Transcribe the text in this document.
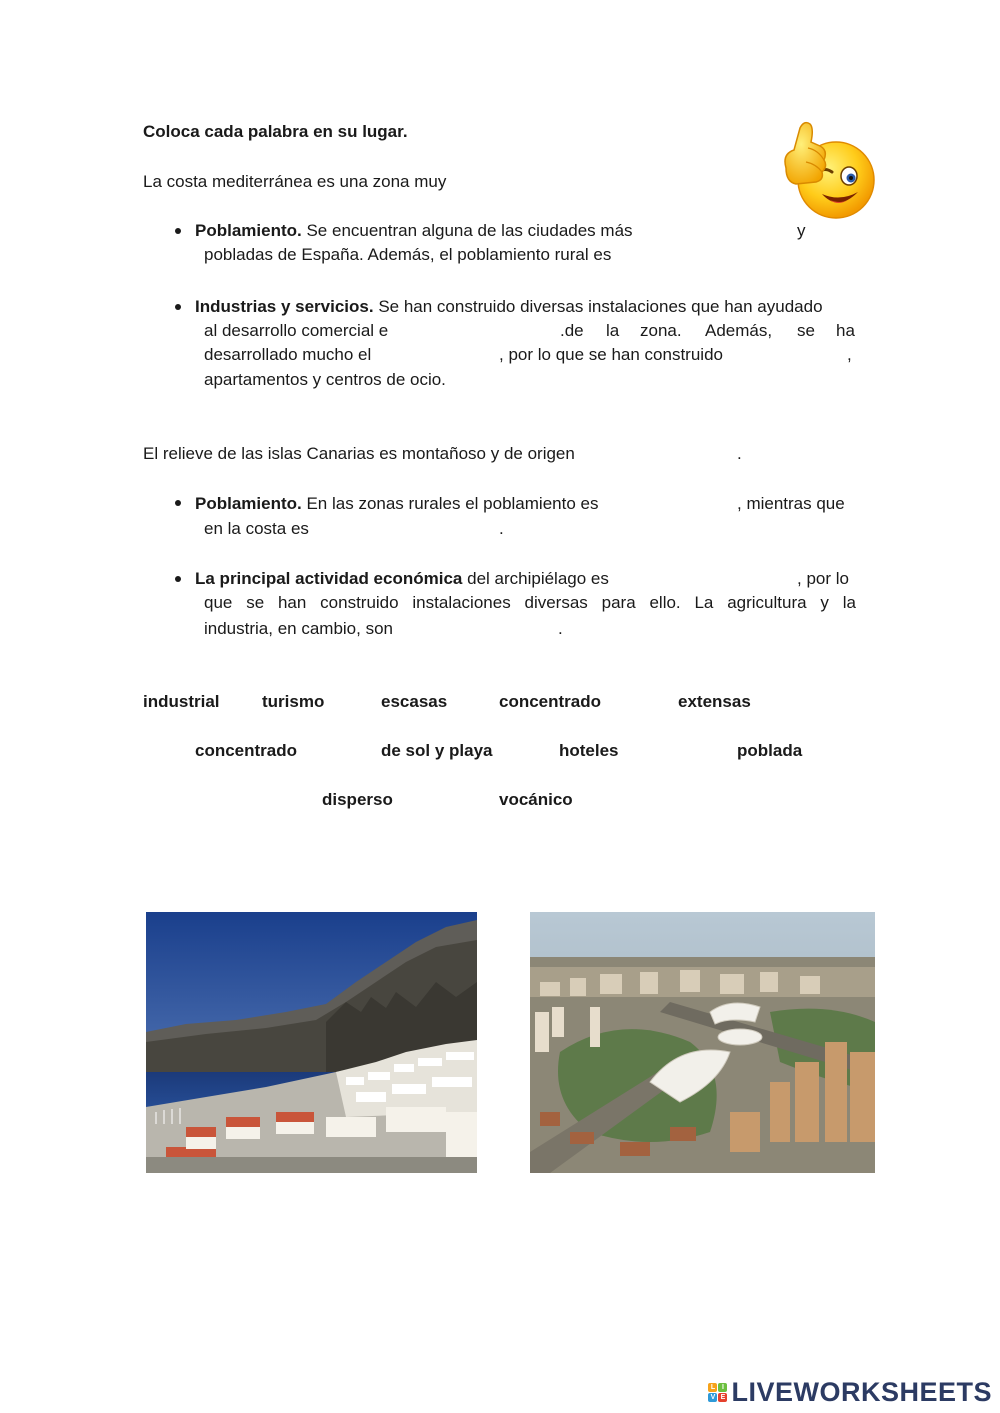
Coloca cada palabra en su lugar.
La costa mediterránea es una zona muy
Poblamiento. Se encuentran alguna de las ciudades más	y
pobladas de España. Además, el poblamiento rural es
Industrias y servicios. Se han construido diversas instalaciones que han ayudado
al desarrollo comercial e	.de la zona. Además, se ha
desarrollado mucho el	, por lo que se han construido	,
apartamentos y centros de ocio.
El relieve de las islas Canarias es montañoso y de origen	.
Poblamiento. En las zonas rurales el poblamiento es	, mientras que
en la costa es	.
La principal actividad económica del archipiélago es	, por lo
que se han construido instalaciones diversas para ello. La agricultura y la
industria, en cambio, son	.
industrial turismo	escasas	concentrado	extensas
concentrado	de sol y playa	hoteles	poblada
disperso	vocánico
L I
V E LIVEWORKSHEETS
